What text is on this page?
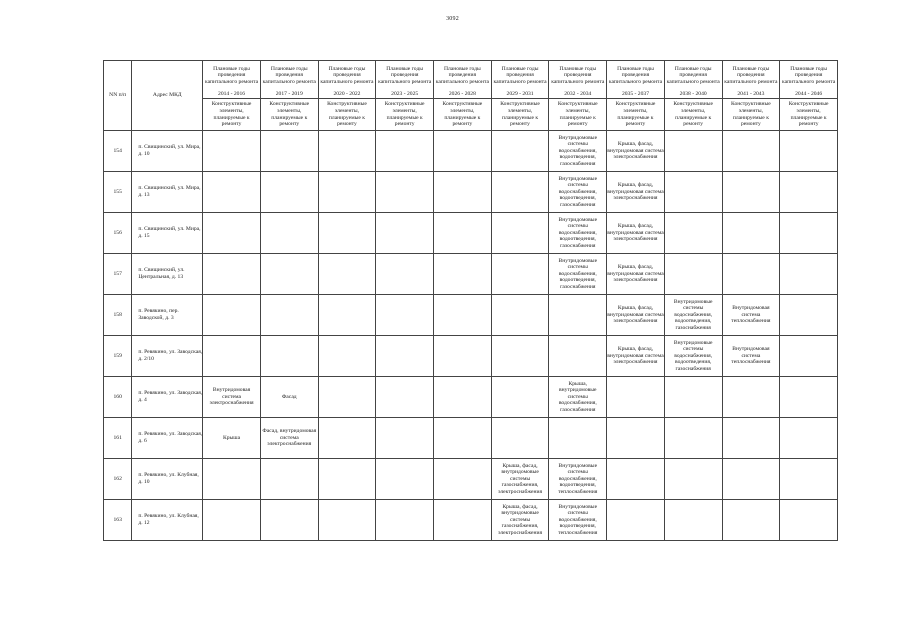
3092
NN п/п	Адрес МКД	Плановые годы проведения капитального ремонта	Плановые годы проведения капитального ремонта	Плановые годы проведения капитального ремонта	Плановые годы проведения капитального ремонта	Плановые годы проведения капитального ремонта	Плановые годы проведения капитального ремонта	Плановые годы проведения капитального ремонта	Плановые годы проведения капитального ремонта	Плановые годы проведения капитального ремонта	Плановые годы проведения капитального ремонта	Плановые годы проведения капитального ремонта
		2014 - 2016	2017 - 2019	2020 - 2022	2023 - 2025	2026 - 2028	2029 - 2031	2032 - 2034	2035 - 2037	2038 - 2040	2041 - 2043	2044 - 2046
		Конструктивные элементы, планируемые к ремонту	Конструктивные элементы, планируемые к ремонту	Конструктивные элементы, планируемые к ремонту	Конструктивные элементы, планируемые к ремонту	Конструктивные элементы, планируемые к ремонту	Конструктивные элементы, планируемые к ремонту	Конструктивные элементы, планируемые к ремонту	Конструктивные элементы, планируемые к ремонту	Конструктивные элементы, планируемые к ремонту	Конструктивные элементы, планируемые к ремонту	Конструктивные элементы, планируемые к ремонту
154	п. Свищинский, ул. Мира, д. 10							Внутридомовые системы водоснабжения, водоотведения, газоснабжения	Крыша, фасад, внутридомовая система электроснабжения			
155	п. Свищинский, ул. Мира, д. 13							Внутридомовые системы водоснабжения, водоотведения, газоснабжения	Крыша, фасад, внутридомовая система электроснабжения			
156	п. Свищинский, ул. Мира, д. 15							Внутридомовые системы водоснабжения, водоотведения, газоснабжения	Крыша, фасад, внутридомовая система электроснабжения			
157	п. Свищинский, ул. Центральная, д. 13							Внутридомовые системы водоснабжения, водоотведения, газоснабжения	Крыша, фасад, внутридомовая система электроснабжения			
158	п. Ревякино, пер. Заводской, д. 3								Крыша, фасад, внутридомовая система электроснабжения	Внутридомовые системы водоснабжения, водоотведения, газоснабжения	Внутридомовая система теплоснабжения	
159	п. Ревякино, ул. Заводская, д. 2/10								Крыша, фасад, внутридомовая система электроснабжения	Внутридомовые системы водоснабжения, водоотведения, газоснабжения	Внутридомовая система теплоснабжения	
160	п. Ревякино, ул. Заводская, д. 4	Внутридомовая система электроснабжения	Фасад					Крыша, внутридомовые системы водоснабжения, газоснабжения				
161	п. Ревякино, ул. Заводская, д. 6	Крыша	Фасад, внутридомовая система электроснабжения									
162	п. Ревякино, ул. Клубная, д. 10						Крыша, фасад, внутридомовые системы газоснабжения, электроснабжения	Внутридомовые системы водоснабжения, водоотведения, теплоснабжения				
163	п. Ревякино, ул. Клубная, д. 12						Крыша, фасад, внутридомовые системы газоснабжения, электроснабжения	Внутридомовые системы водоснабжения, водоотведения, теплоснабжения				
